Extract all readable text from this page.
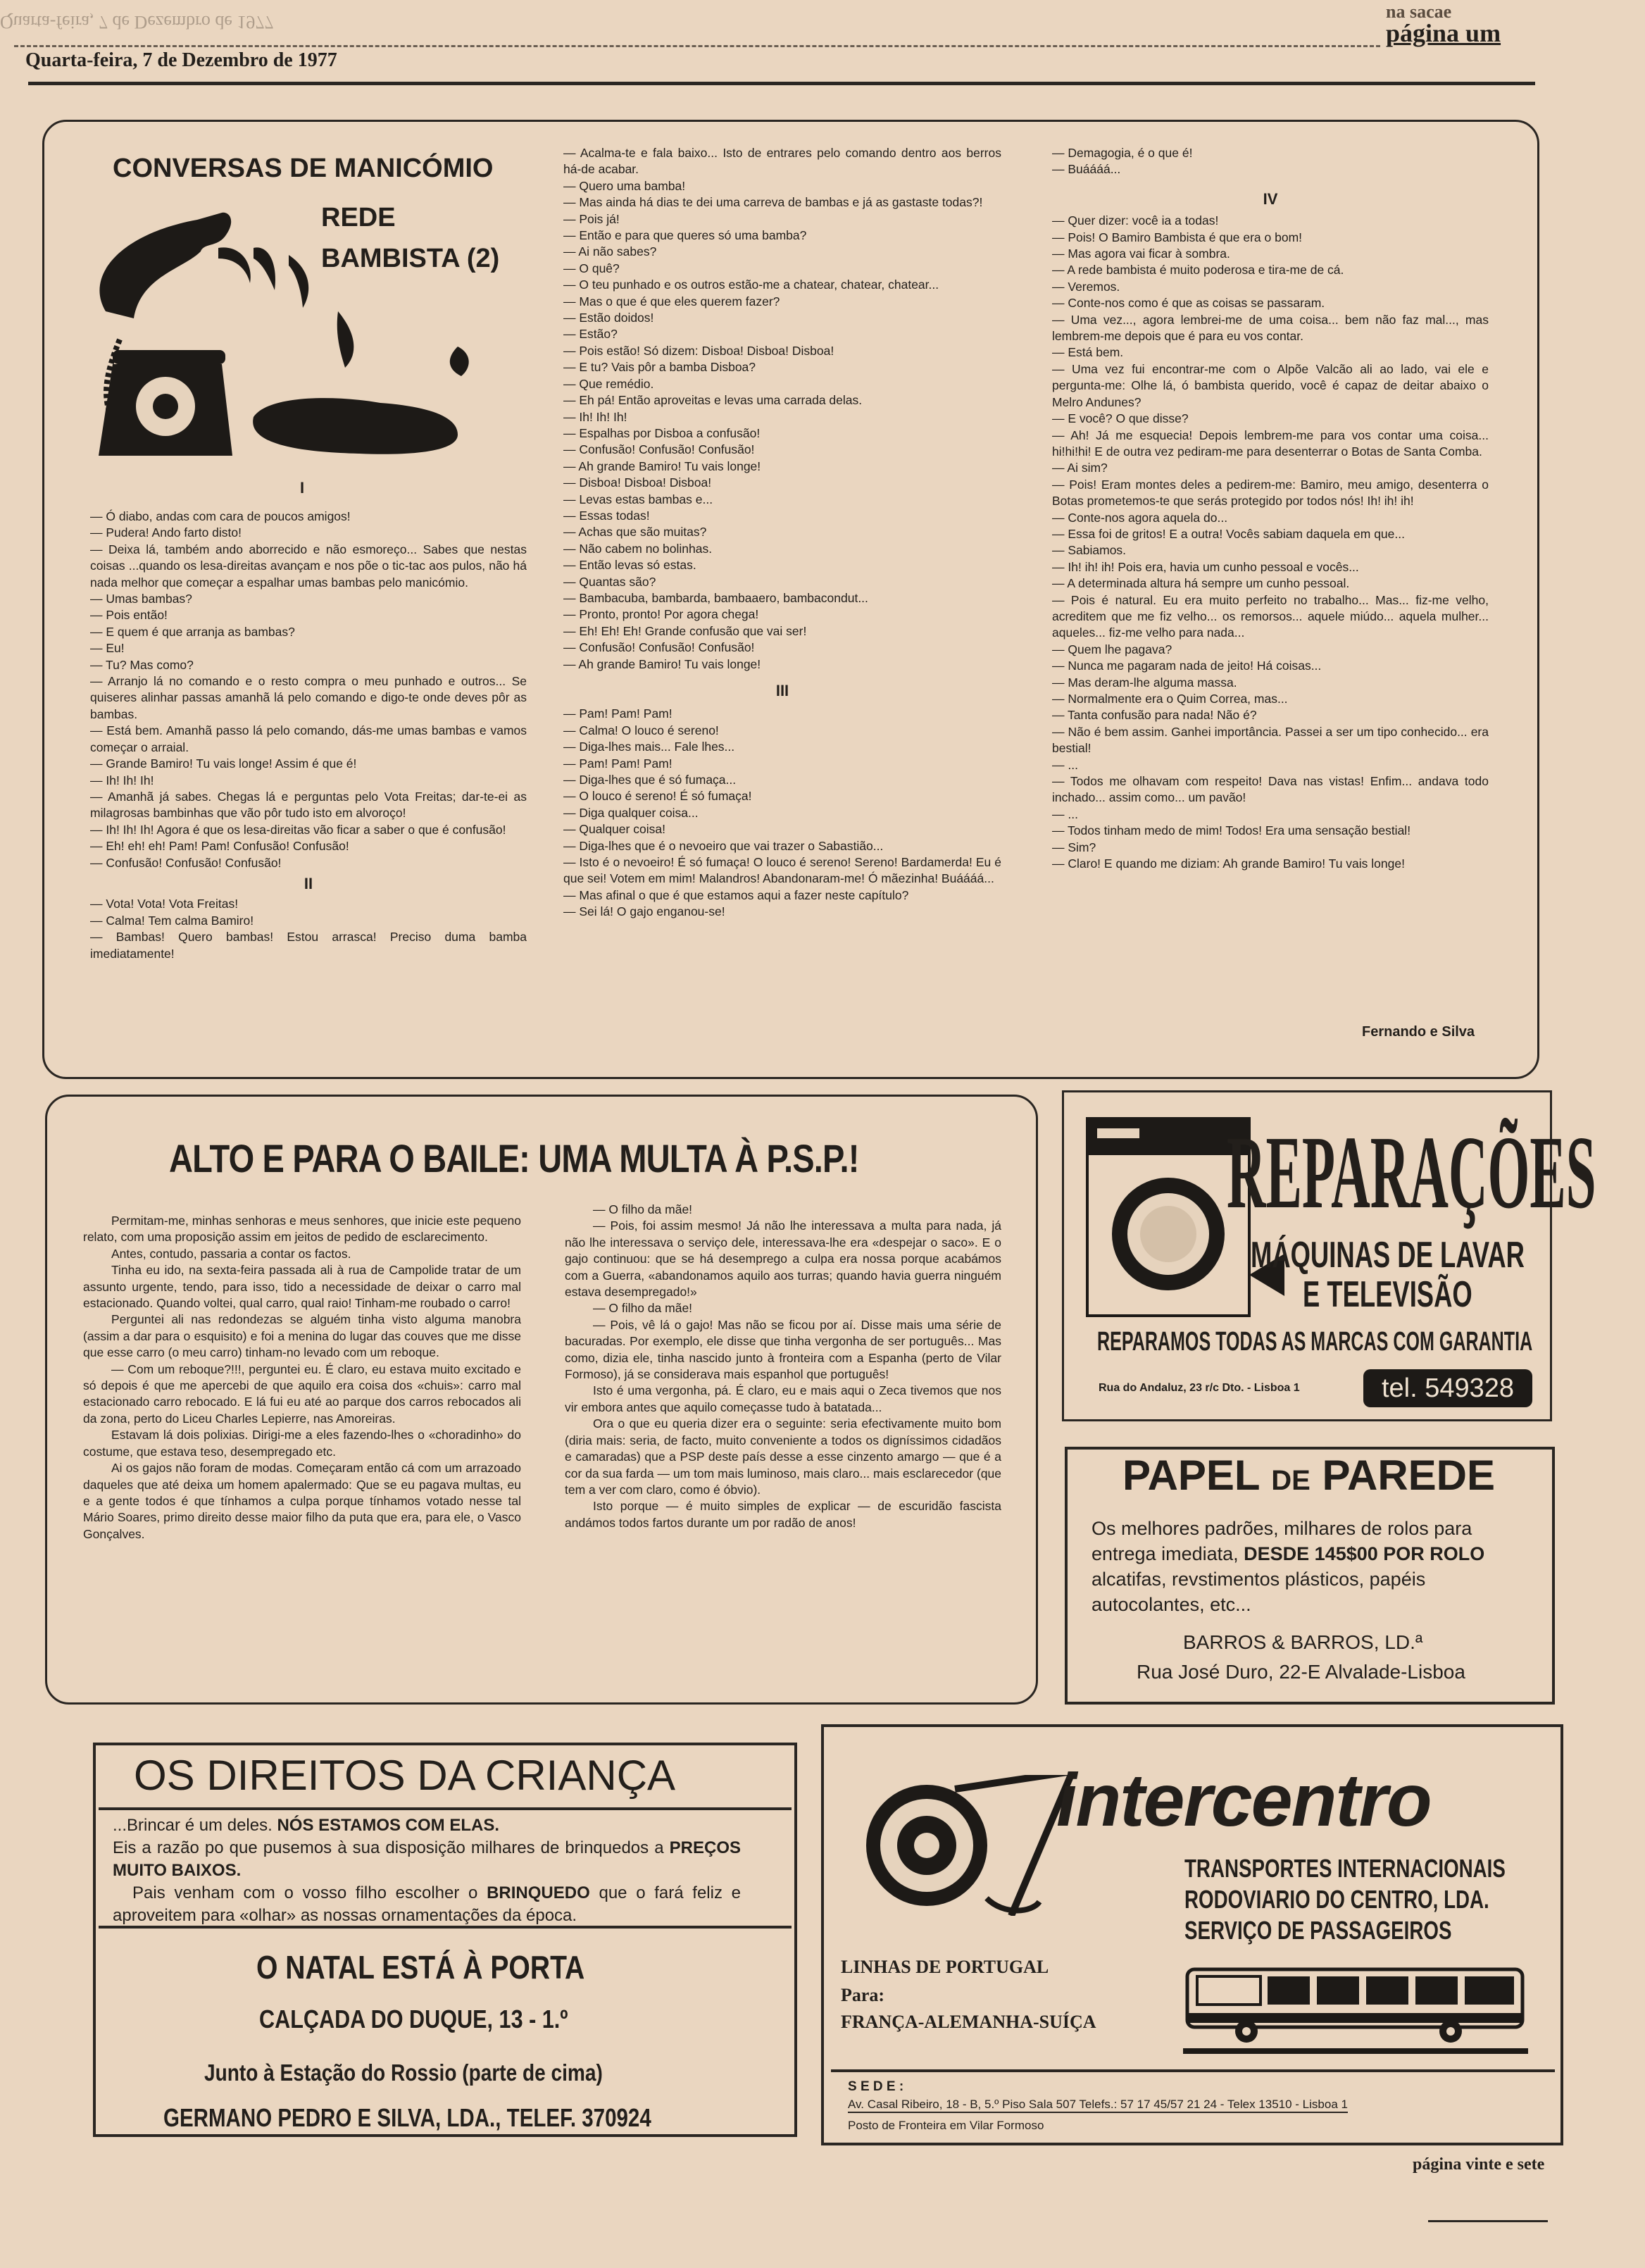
Quarta-feira, 7 de Dezembro de 1977
Quarta-feira, 7 de Dezembro de 1977
na sacae
página um
CONVERSAS DE MANICÓMIO
REDE
BAMBISTA (2)
I

— Ó diabo, andas com cara de poucos amigos!

— Pudera! Ando farto disto!

— Deixa lá, também ando aborrecido e não esmoreço... Sabes que nestas coisas ...quando os lesa-direitas avançam e nos põe o tic-tac aos pulos, não há nada melhor que começar a espalhar umas bambas pelo manicómio.

— Umas bambas?

— Pois então!

— E quem é que arranja as bambas?

— Eu!

— Tu? Mas como?

— Arranjo lá no comando e o resto compra o meu punhado e outros... Se quiseres alinhar passas amanhã lá pelo comando e digo-te onde deves pôr as bambas.

— Está bem. Amanhã passo lá pelo comando, dás-me umas bambas e vamos começar o arraial.

— Grande Bamiro! Tu vais longe! Assim é que é!

— Ih! Ih! Ih!

— Amanhã já sabes. Chegas lá e perguntas pelo Vota Freitas; dar-te-ei as milagrosas bambinhas que vão pôr tudo isto em alvoroço!

— Ih! Ih! Ih! Agora é que os lesa-direitas vão ficar a saber o que é confusão!

— Eh! eh! eh! Pam! Pam! Confusão! Confusão!

— Confusão! Confusão! Confusão!

II

— Vota! Vota! Vota Freitas!

— Calma! Tem calma Bamiro!

— Bambas! Quero bambas! Estou arrasca! Preciso duma bamba imediatamente!

— Acalma-te e fala baixo... Isto de entrares pelo comando dentro aos berros há-de acabar.

— Quero uma bamba!

— Mas ainda há dias te dei uma carreva de bambas e já as gastaste todas?!

— Pois já!

— Então e para que queres só uma bamba?

— Ai não sabes?

— O quê?

— O teu punhado e os outros estão-me a chatear, chatear, chatear...

— Mas o que é que eles querem fazer?

— Estão doidos!

— Estão?

— Pois estão! Só dizem: Disboa! Disboa! Disboa!

— E tu? Vais pôr a bamba Disboa?

— Que remédio.

— Eh pá! Então aproveitas e levas uma carrada delas.

— Ih! Ih! Ih!

— Espalhas por Disboa a confusão!

— Confusão! Confusão! Confusão!

— Ah grande Bamiro! Tu vais longe!

— Disboa! Disboa! Disboa!

— Levas estas bambas e...

— Essas todas!

— Achas que são muitas?

— Não cabem no bolinhas.

— Então levas só estas.

— Quantas são?

— Bambacuba, bambarda, bambaaero, bambacondut...

— Pronto, pronto! Por agora chega!

— Eh! Eh! Eh! Grande confusão que vai ser!

— Confusão! Confusão! Confusão!

— Ah grande Bamiro! Tu vais longe!

III

— Pam! Pam! Pam!

— Calma! O louco é sereno!

— Diga-lhes mais... Fale lhes...

— Pam! Pam! Pam!

— Diga-lhes que é só fumaça...

— O louco é sereno! É só fumaça!

— Diga qualquer coisa...

— Qualquer coisa!

— Diga-lhes que é o nevoeiro que vai trazer o Sabastião...

— Isto é o nevoeiro! É só fumaça! O louco é sereno! Sereno! Bardamerda! Eu é que sei! Votem em mim! Malandros! Abandonaram-me! Ó mãezinha! Buáááá...

— Mas afinal o que é que estamos aqui a fazer neste capítulo?

— Sei lá! O gajo enganou-se!

— Demagogia, é o que é!

— Buáááá...

IV

— Quer dizer: você ia a todas!

— Pois! O Bamiro Bambista é que era o bom!

— Mas agora vai ficar à sombra.

— A rede bambista é muito poderosa e tira-me de cá.

— Veremos.

— Conte-nos como é que as coisas se passaram.

— Uma vez..., agora lembrei-me de uma coisa... bem não faz mal..., mas lembrem-me depois que é para eu vos contar.

— Está bem.

— Uma vez fui encontrar-me com o Alpõe Valcão ali ao lado, vai ele e pergunta-me: Olhe lá, ó bambista querido, você é capaz de deitar abaixo o Melro Andunes?

— E você? O que disse?

— Ah! Já me esquecia! Depois lembrem-me para vos contar uma coisa... hi!hi!hi! E de outra vez pediram-me para desenterrar o Botas de Santa Comba.

— Ai sim?

— Pois! Eram montes deles a pedirem-me: Bamiro, meu amigo, desenterra o Botas prometemos-te que serás protegido por todos nós! Ih! ih! ih!

— Conte-nos agora aquela do...

— Essa foi de gritos! E a outra! Vocês sabiam daquela em que...

— Sabiamos.

— Ih! ih! ih! Pois era, havia um cunho pessoal e vocês...

— A determinada altura há sempre um cunho pessoal.

— Pois é natural. Eu era muito perfeito no trabalho... Mas... fiz-me velho, acreditem que me fiz velho... os remorsos... aquele miúdo... aquela mulher... aqueles... fiz-me velho para nada...

— Quem lhe pagava?

— Nunca me pagaram nada de jeito! Há coisas...

— Mas deram-lhe alguma massa.

— Normalmente era o Quim Correa, mas...

— Tanta confusão para nada! Não é?

— Não é bem assim. Ganhei importância. Passei a ser um tipo conhecido... era bestial!

— ...

— Todos me olhavam com respeito! Dava nas vistas! Enfim... andava todo inchado... assim como... um pavão!

— ...

— Todos tinham medo de mim! Todos! Era uma sensação bestial!

— Sim?

— Claro! E quando me diziam: Ah grande Bamiro! Tu vais longe!

Fernando e Silva
ALTO E PARA O BAILE: UMA MULTA À P.S.P.!

Permitam-me, minhas senhoras e meus senhores, que inicie este pequeno relato, com uma proposição assim em jeitos de pedido de esclarecimento.

Antes, contudo, passaria a contar os factos.

Tinha eu ido, na sexta-feira passada ali à rua de Campolide tratar de um assunto urgente, tendo, para isso, tido a necessidade de deixar o carro mal estacionado. Quando voltei, qual carro, qual raio! Tinham-me roubado o carro!

Perguntei ali nas redondezas se alguém tinha visto alguma manobra (assim a dar para o esquisito) e foi a menina do lugar das couves que me disse que esse carro (o meu carro) tinham-no levado com um reboque.

— Com um reboque?!!!, perguntei eu. É claro, eu estava muito excitado e só depois é que me apercebi de que aquilo era coisa dos «chuis»: carro mal estacionado carro rebocado. E lá fui eu até ao parque dos carros rebocados ali da zona, perto do Liceu Charles Lepierre, nas Amoreiras.

Estavam lá dois polixias. Dirigi-me a eles fazendo-lhes o «choradinho» do costume, que estava teso, desempregado etc.

Ai os gajos não foram de modas. Começaram então cá com um arrazoado daqueles que até deixa um homem apalermado: Que se eu pagava multas, eu e a gente todos é que tínhamos a culpa porque tínhamos votado nesse tal Mário Soares, primo direito desse maior filho da puta que era, para ele, o Vasco Gonçalves.

— O filho da mãe!

— Pois, foi assim mesmo! Já não lhe interessava a multa para nada, já não lhe interessava o serviço dele, interessava-lhe era «despejar o saco». E o gajo continuou: que se há desemprego a culpa era nossa porque acabámos com a Guerra, «abandonamos aquilo aos turras; quando havia guerra ninguém estava desempregado!»

— O filho da mãe!

— Pois, vê lá o gajo! Mas não se ficou por aí. Disse mais uma série de bacuradas. Por exemplo, ele disse que tinha vergonha de ser português... Mas como, dizia ele, tinha nascido junto à fronteira com a Espanha (perto de Vilar Formoso), já se considerava mais espanhol que português!

Isto é uma vergonha, pá. É claro, eu e mais aqui o Zeca tivemos que nos vir embora antes que aquilo começasse tudo à batatada...

Ora o que eu queria dizer era o seguinte: seria efectivamente muito bom (diria mais: seria, de facto, muito conveniente a todos os digníssimos cidadãos e camaradas) que a PSP deste país desse a esse cinzento amargo — que é a cor da sua farda — um tom mais luminoso, mais claro... mais esclarecedor (que tem a ver com claro, como é óbvio).

Isto porque — é muito simples de explicar — de escuridão fascista andámos todos fartos durante um por radão de anos!

REPARAÇÕES
MÁQUINAS DE LAVAR
E TELEVISÃO
REPARAMOS TODAS AS MARCAS COM GARANTIA
Rua do Andaluz, 23 r/c Dto. - Lisboa 1	tel. 549328
PAPEL DE PAREDE
Os melhores padrões, milhares de rolos para entrega imediata, DESDE 145$00 POR ROLO alcatifas, revstimentos plásticos, papéis autocolantes, etc...
BARROS & BARROS, LD.ª
Rua José Duro, 22-E Alvalade-Lisboa
OS DIREITOS DA CRIANÇA
...Brincar é um deles. NÓS ESTAMOS COM ELAS.
Eis a razão po que pusemos à sua disposição milhares de brinquedos a PREÇOS MUITO BAIXOS.
Pais venham com o vosso filho escolher o BRINQUEDO que o fará feliz e aproveitem para «olhar» as nossas ornamentações da época.
O NATAL ESTÁ À PORTA
CALÇADA DO DUQUE, 13 - 1.º
Junto à Estação do Rossio (parte de cima)
GERMANO PEDRO E SILVA, LDA., TELEF. 370924
intercentro
TRANSPORTES INTERNACIONAIS
RODOVIARIO DO CENTRO, LDA.
SERVIÇO DE PASSAGEIROS
LINHAS DE PORTUGAL
Para:
FRANÇA-ALEMANHA-SUÍÇA
S E D E :
Av. Casal Ribeiro, 18 - B, 5.º Piso Sala 507 Telefs.: 57 17 45/57 21 24 - Telex 13510 - Lisboa 1
Posto de Fronteira em Vilar Formoso
página vinte e sete
